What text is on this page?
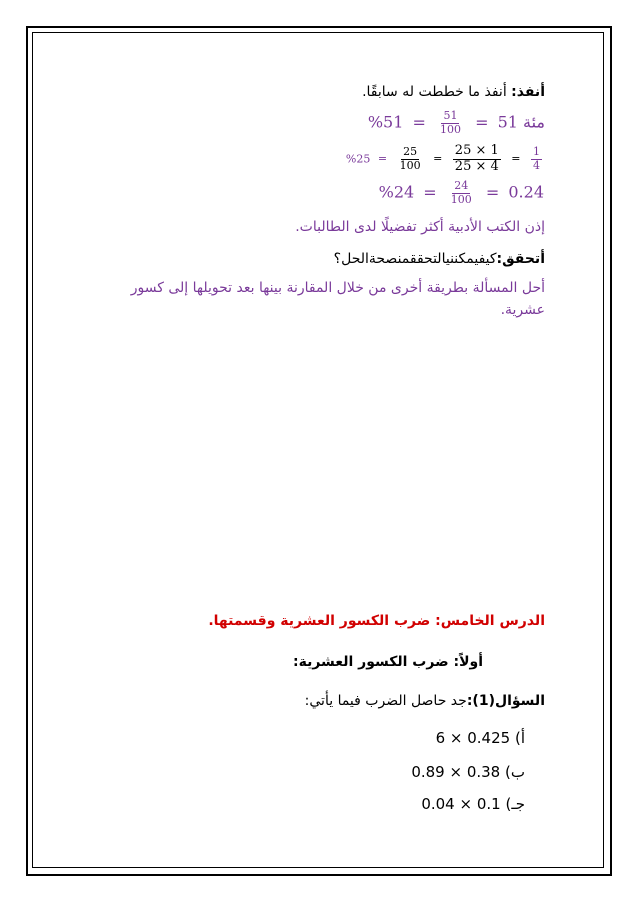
أنفذ: أنفذ ما خططت له سابقًا.
$\%51 = \frac{51}{100}$ = مئة 51
$\%25 = \frac{25}{100} = \frac{25 \times 1}{25 \times 4} = \frac{1}{4}$
$\%24 = \frac{24}{100} = 0.24$
إذن الكتب الأدبية أكثر تفضيلًا لدى الطالبات.
أتحقق:كيفيمكننيالتحققمنصحةالحل؟
أحل المسألة بطريقة أخرى من خلال المقارنة بينها بعد تحويلها إلى كسور عشرية.
الدرس الخامس: ضرب الكسور العشرية وقسمتها.
أولاً: ضرب الكسور العشرية:
السؤال(1):جد حاصل الضرب فيما يأتي:
أ) 6 × 0.425
ب) 0.89 × 0.38
جـ) 0.04 × 0.1
